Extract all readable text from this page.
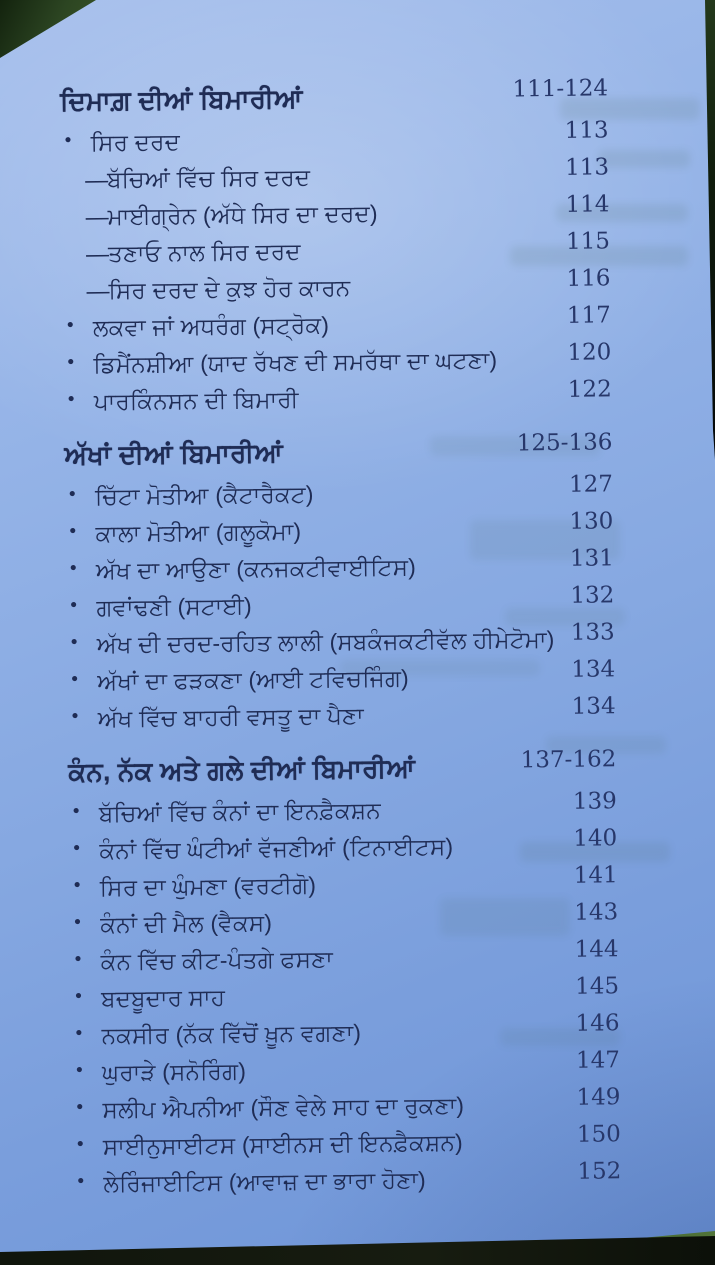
ਦਿਮਾਗ਼ ਦੀਆਂ ਬਿਮਾਰੀਆਂ	111-124
• ਸਿਰ ਦਰਦ	113
—
ਬੱਚਿਆਂ ਵਿੱਚ ਸਿਰ ਦਰਦ	113
—
ਮਾਈਗ੍ਰੇਨ (ਅੱਧੇ ਸਿਰ ਦਾ ਦਰਦ)	114
—
ਤਣਾਓ ਨਾਲ ਸਿਰ ਦਰਦ	115
—
ਸਿਰ ਦਰਦ ਦੇ ਕੁਝ ਹੋਰ ਕਾਰਨ	116
• ਲਕਵਾ ਜਾਂ ਅਧਰੰਗ (ਸਟ੍ਰੋਕ)	117
• ਡਿਮੈਂਨਸ਼ੀਆ (ਯਾਦ ਰੱਖਣ ਦੀ ਸਮਰੱਥਾ ਦਾ ਘਟਣਾ)	120
• ਪਾਰਕਿੰਨਸਨ ਦੀ ਬਿਮਾਰੀ	122
ਅੱਖਾਂ ਦੀਆਂ ਬਿਮਾਰੀਆਂ	125-136
• ਚਿੱਟਾ ਮੋਤੀਆ (ਕੈਟਾਰੈਕਟ)	127
• ਕਾਲਾ ਮੋਤੀਆ (ਗਲੂਕੋਮਾ)	130
• ਅੱਖ ਦਾ ਆਉਣਾ (ਕਨਜਕਟੀਵਾਈਟਿਸ)	131
• ਗਵਾਂਢਣੀ (ਸਟਾਈ)	132
• ਅੱਖ ਦੀ ਦਰਦ-ਰਹਿਤ ਲਾਲੀ (ਸਬਕੰਜਕਟੀਵੱਲ ਹੀਮੇਟੋਮਾ) 133
• ਅੱਖਾਂ ਦਾ ਫੜਕਣਾ (ਆਈ ਟਵਿਚਜਿੰਗ)	134
• ਅੱਖ ਵਿੱਚ ਬਾਹਰੀ ਵਸਤੂ ਦਾ ਪੈਣਾ	134
ਕੰਨ, ਨੱਕ ਅਤੇ ਗਲੇ ਦੀਆਂ ਬਿਮਾਰੀਆਂ	137-162
• ਬੱਚਿਆਂ ਵਿੱਚ ਕੰਨਾਂ ਦਾ ਇਨਫ਼ੈਕਸ਼ਨ	139
• ਕੰਨਾਂ ਵਿੱਚ ਘੰਟੀਆਂ ਵੱਜਣੀਆਂ (ਟਿਨਾਈਟਸ)	140
• ਸਿਰ ਦਾ ਘੁੰਮਣਾ (ਵਰਟੀਗੋ)	141
• ਕੰਨਾਂ ਦੀ ਮੈਲ (ਵੈਕਸ)	143
• ਕੰਨ ਵਿੱਚ ਕੀਟ-ਪੰਤਗੇ ਫਸਣਾ	144
• ਬਦਬੂਦਾਰ ਸਾਹ	145
• ਨਕਸੀਰ (ਨੱਕ ਵਿੱਚੋਂ ਖ਼ੂਨ ਵਗਣਾ)	146
• ਘੁਰਾੜੇ (ਸਨੋਰਿੰਗ)	147
• ਸਲੀਪ ਐਪਨੀਆ (ਸੌਣ ਵੇਲੇ ਸਾਹ ਦਾ ਰੁਕਣਾ)	149
• ਸਾਈਨੁਸਾਈਟਸ (ਸਾਈਨਸ ਦੀ ਇਨਫ਼ੈਕਸ਼ਨ)	150
• ਲੇਰਿੰਜਾਈਟਿਸ (ਆਵਾਜ਼ ਦਾ ਭਾਰਾ ਹੋਣਾ)	152
